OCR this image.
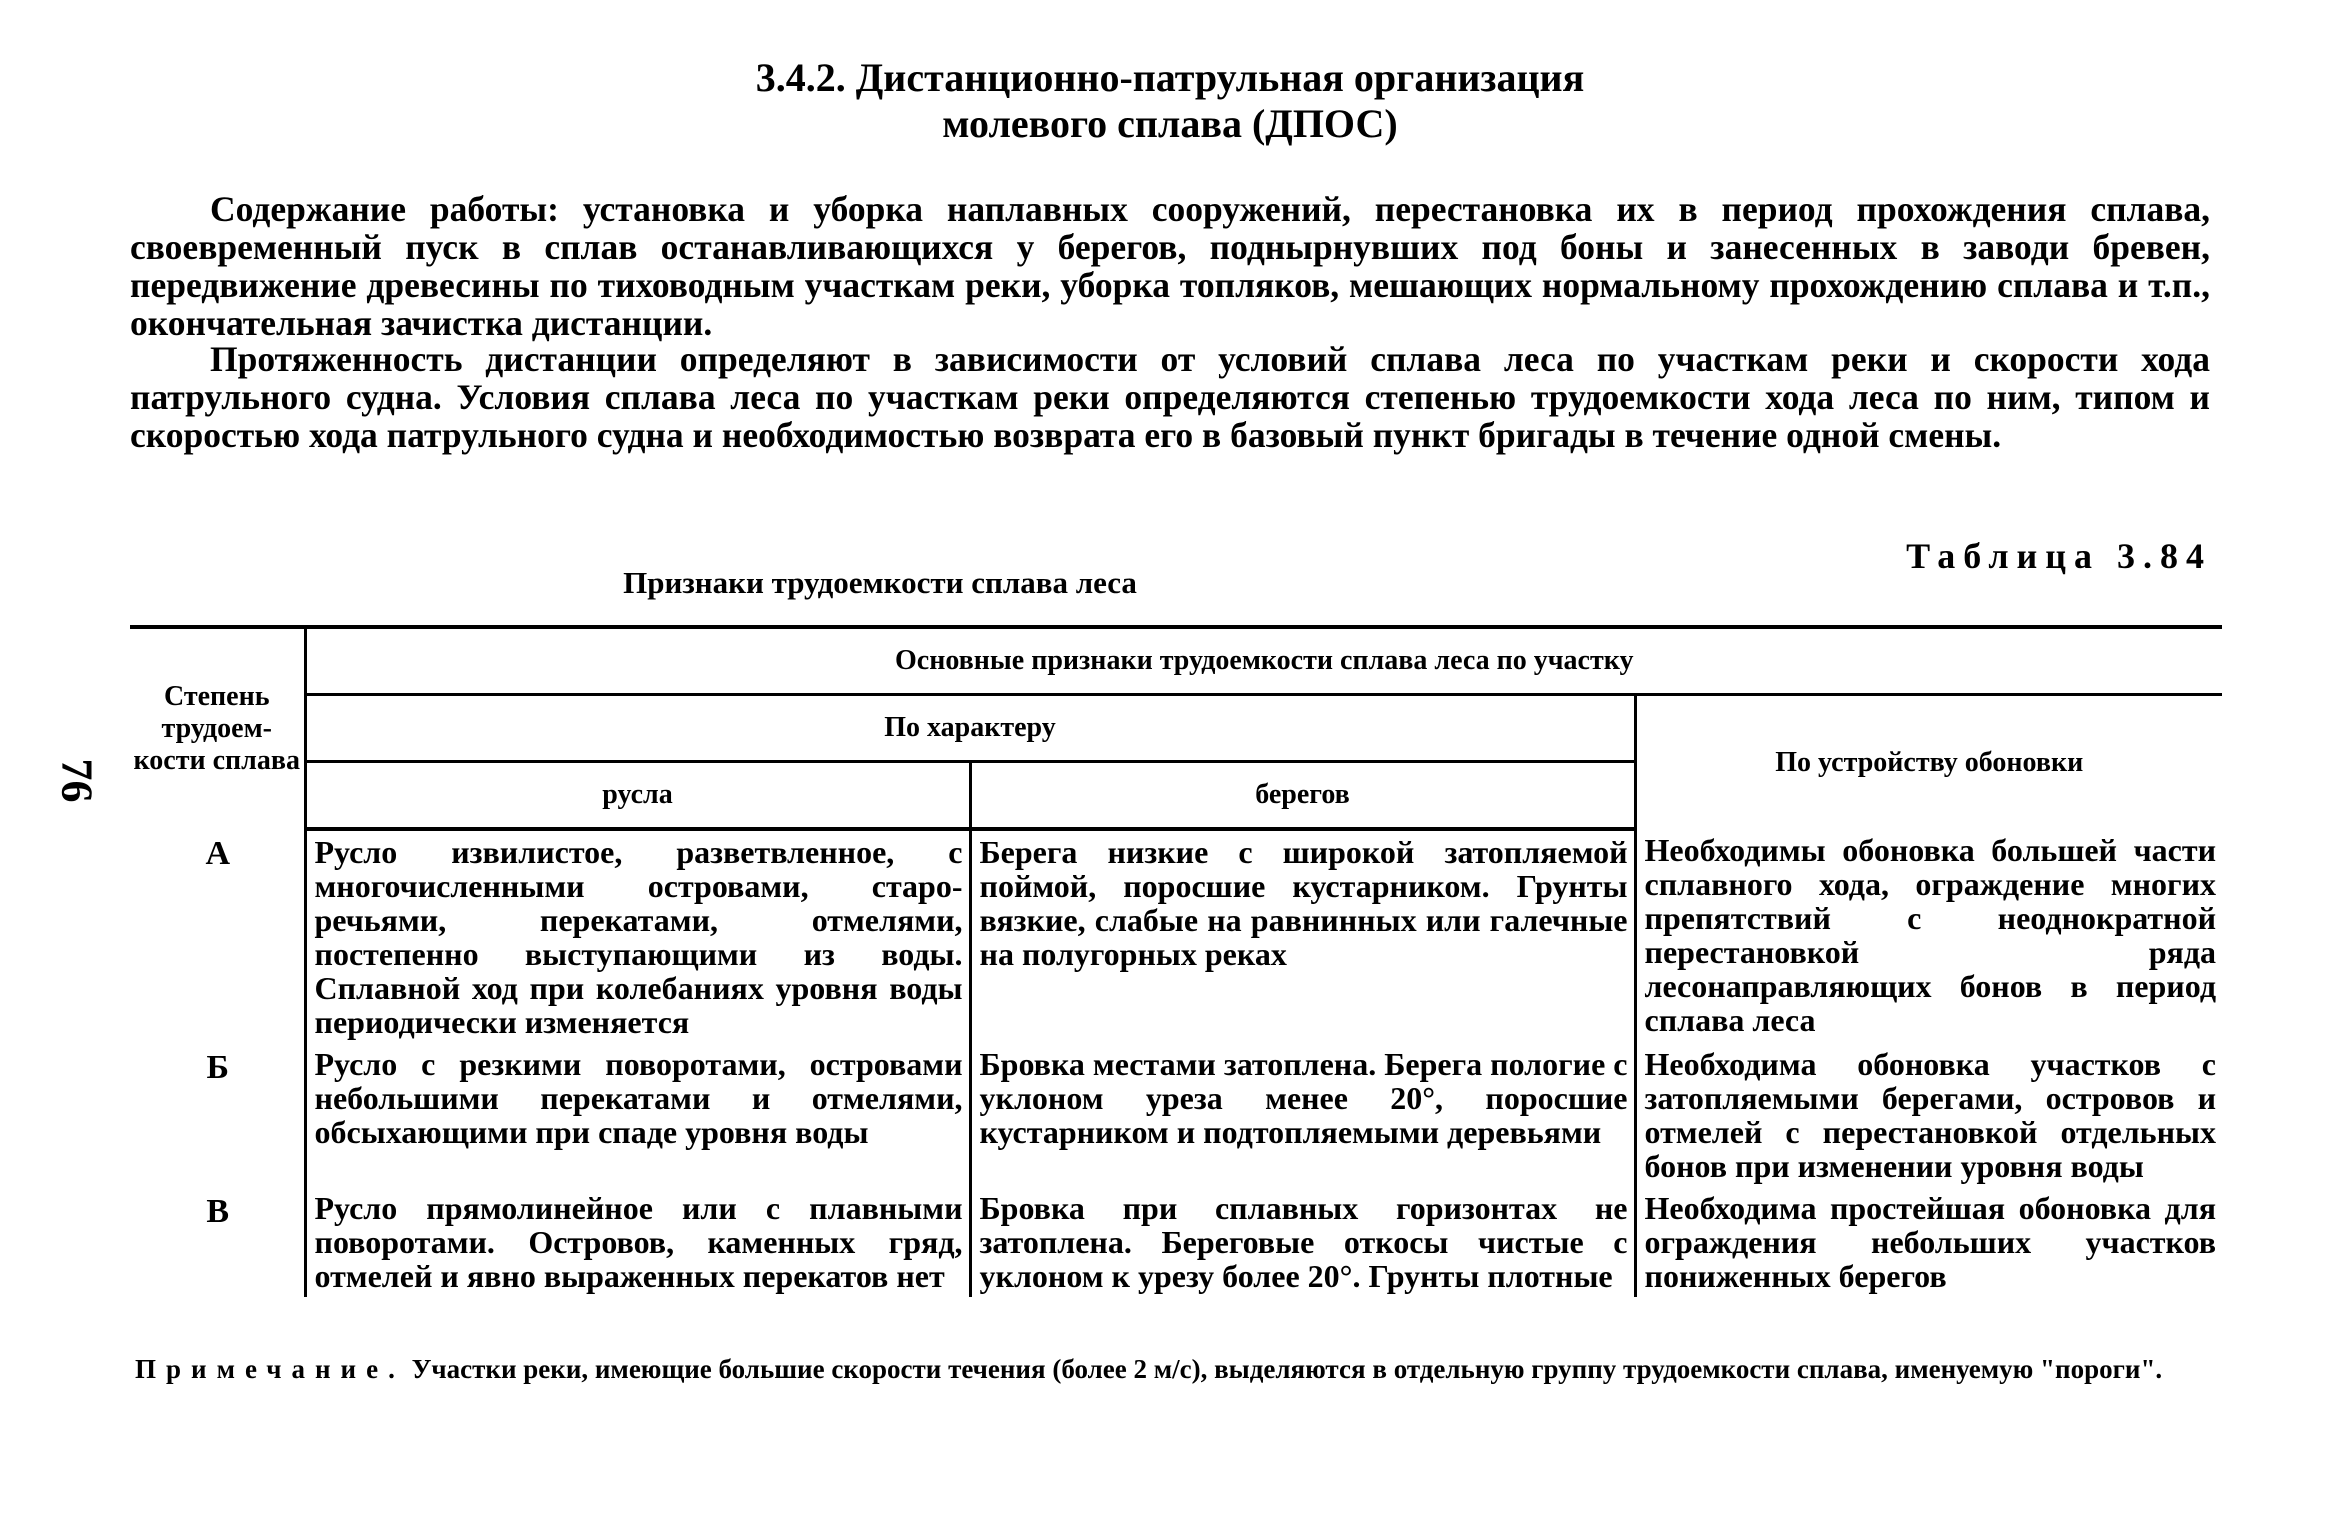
76
3.4.2. Дистанционно-патрульная организация
молевого сплава (ДПОС)
Содержание работы: установка и уборка наплавных сооружений, перестановка их в период прохождения сплава, своевременный пуск в сплав останавливающихся у берегов, поднырнувших под боны и занесенных в заводи бревен, передвижение древесины по тиховодным участкам реки, уборка топляков, мешающих нормальному прохождению сплава и т.п., окончательная зачистка дистанции.
Протяженность дистанции определяют в зависимости от условий сплава леса по участкам реки и скорости хода патрульного судна. Условия сплава леса по участкам реки определяются степенью трудоемкости хода леса по ним, типом и скоростью хода патрульного судна и необходимостью возврата его в базовый пункт бригады в течение одной смены.
Таблица 3.84
Признаки трудоемкости сплава леса
Степень трудоем- кости сплава	Основные признаки трудоемкости сплава леса по участку		
	По характеру		По устройству обоновки
	русла	берегов	
А	Русло извилистое, разветвленное, с многочисленными островами, староречьями, перекатами, отмелями, постепенно выступающими из воды. Сплавной ход при колебаниях уровня воды периодически изменяется	Берега низкие с широкой затопляемой поймой, поросшие кустарником. Грунты вязкие, слабые на равнинных или галечные на полугорных реках	Необходимы обоновка большей части сплавного хода, ограждение многих препятствий с неоднократной перестановкой ряда лесонаправляющих бонов в период сплава леса
Б	Русло с резкими поворотами, островами небольшими перекатами и отмелями, обсыхающими при спаде уровня воды	Бровка местами затоплена. Берега пологие с уклоном уреза менее 20°, поросшие кустарником и подтопляемыми деревьями	Необходима обоновка участков с затопляемыми берегами, островов и отмелей с перестановкой отдельных бонов при изменении уровня воды
В	Русло прямолинейное или с плавными поворотами. Островов, каменных гряд, отмелей и явно выраженных перекатов нет	Бровка при сплавных горизонтах не затоплена. Береговые откосы чистые с уклоном к урезу более 20°. Грунты плотные	Необходима простейшая обоновка для ограждения небольших участков пониженных берегов
Примечание. Участки реки, имеющие большие скорости течения (более 2 м/с), выделяются в отдельную группу трудоемкости сплава, именуемую "пороги".
